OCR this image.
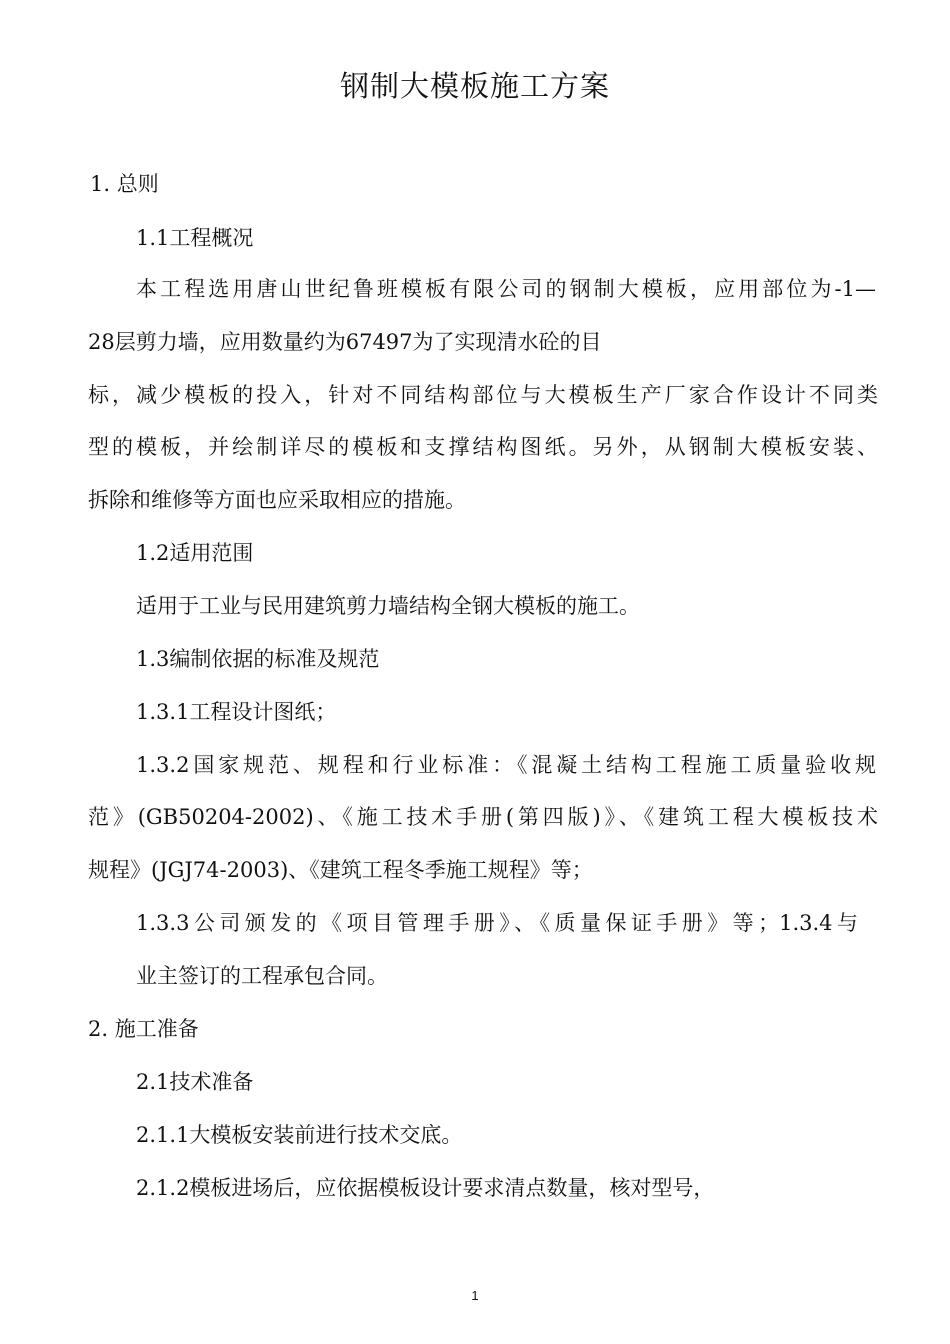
钢制大模板施工方案

1. 总则

1.1工程概况

本工程选用唐山世纪鲁班模板有限公司的钢制大模板，应用部位为-1—

28层剪力墙，应用数量约为67497为了实现清水砼的目

标，减少模板的投入，针对不同结构部位与大模板生产厂家合作设计不同类

型的模板，并绘制详尽的模板和支撑结构图纸。另外，从钢制大模板安装、

拆除和维修等方面也应采取相应的措施。

1.2适用范围

适用于工业与民用建筑剪力墙结构全钢大模板的施工。

1.3编制依据的标准及规范

1.3.1工程设计图纸；

1.3.2国家规范、规程和行业标准：《混凝土结构工程施工质量验收规

范》(GB50204-2002)、《施工技术手册(第四版)》、《建筑工程大模板技术

规程》(JGJ74-2003)、《建筑工程冬季施工规程》等；

1.3.3公司颁发的《项目管理手册》、《质量保证手册》等；1.3.4与

业主签订的工程承包合同。

2. 施工准备

2.1技术准备

2.1.1大模板安装前进行技术交底。

2.1.2模板进场后，应依据模板设计要求清点数量，核对型号，

1
